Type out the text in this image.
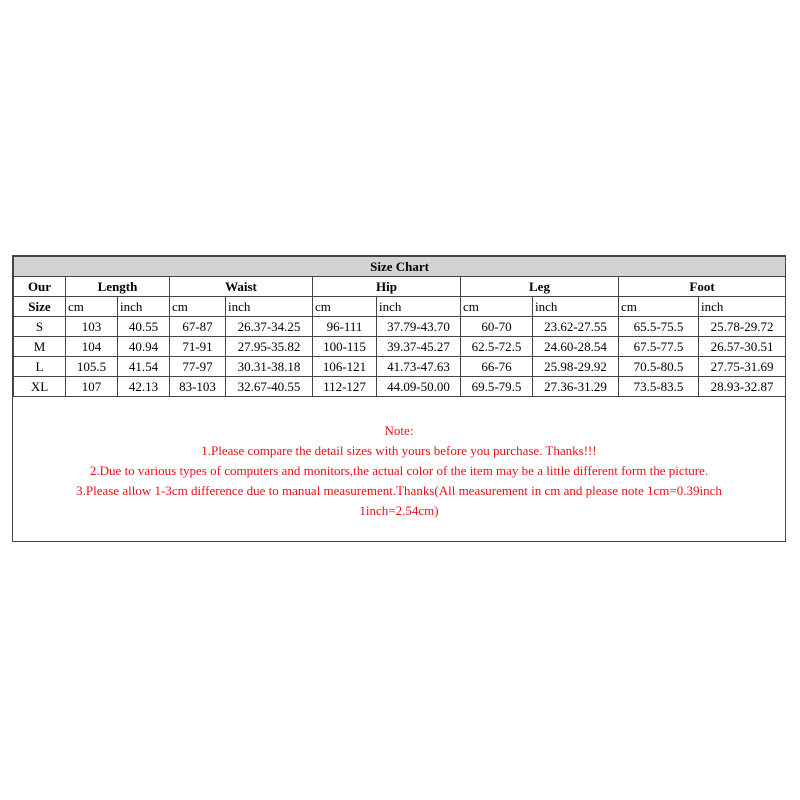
Size Chart										
Our	Length		Waist		Hip		Leg		Foot	
Size	cm	inch	cm	inch	cm	inch	cm	inch	cm	inch
S	103	40.55	67-87	26.37-34.25	96-111	37.79-43.70	60-70	23.62-27.55	65.5-75.5	25.78-29.72
M	104	40.94	71-91	27.95-35.82	100-115	39.37-45.27	62.5-72.5	24.60-28.54	67.5-77.5	26.57-30.51
L	105.5	41.54	77-97	30.31-38.18	106-121	41.73-47.63	66-76	25.98-29.92	70.5-80.5	27.75-31.69
XL	107	42.13	83-103	32.67-40.55	112-127	44.09-50.00	69.5-79.5	27.36-31.29	73.5-83.5	28.93-32.87
Note:
1.Please compare the detail sizes with yours before you purchase. Thanks!!!
2.Due to various types of computers and monitors,the actual color of the item may be a little different form the picture.
3.Please allow 1-3cm difference due to manual measurement.Thanks(All measurement in cm and please note 1cm=0.39inch
1inch=2.54cm)
